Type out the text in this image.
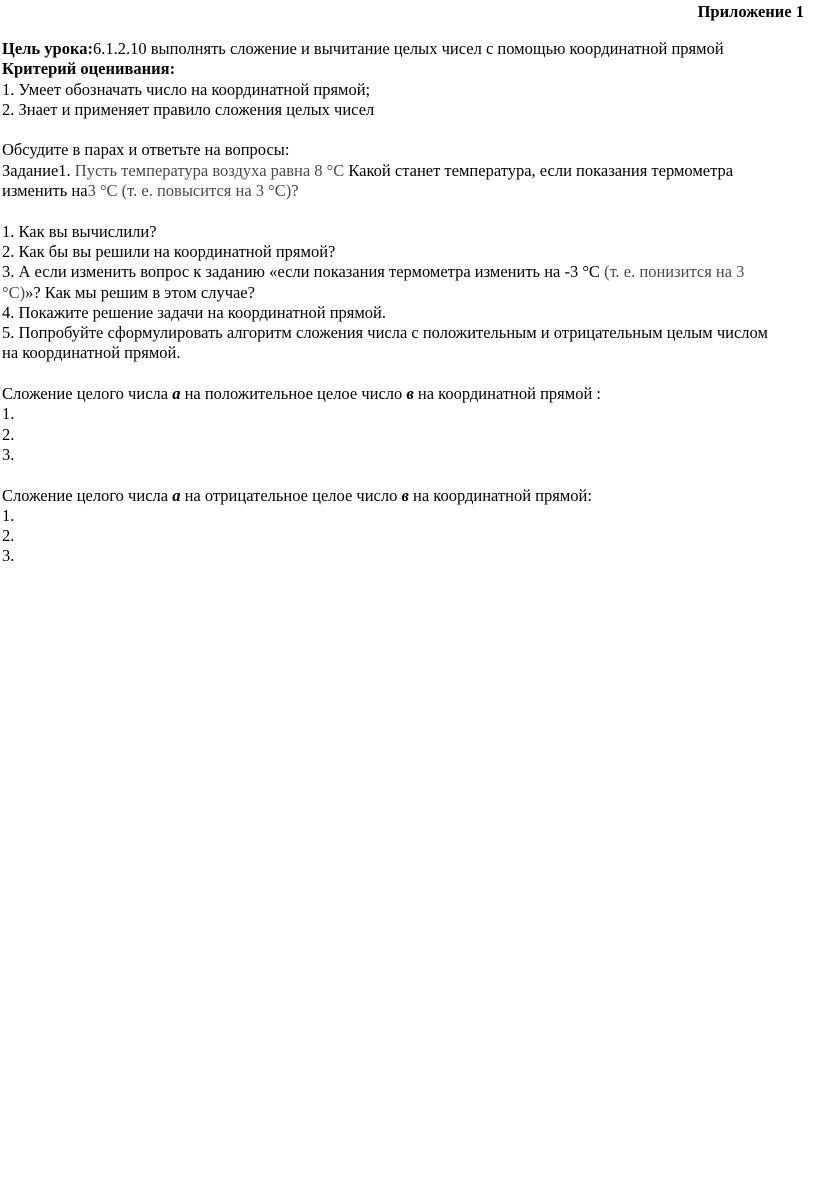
Приложение 1
Цель урока:6.1.2.10 выполнять сложение и вычитание целых чисел с помощью координатной прямой
Критерий оценивания:
1. Умеет обозначать число на координатной прямой;
2. Знает и применяет правило сложения целых чисел
Обсудите в парах и ответьте на вопросы:
Задание1. Пусть температура воздуха равна 8 °С Какой станет температура, если показания термометра
изменить на3 °С (т. е. повысится на 3 °С)?
1. Как вы вычислили?
2. Как бы вы решили на координатной прямой?
3. А если изменить вопрос к заданию «если показания термометра изменить на -3 °С (т. е. понизится на 3
°С)»? Как мы решим в этом случае?
4. Покажите решение задачи на координатной прямой.
5. Попробуйте сформулировать алгоритм сложения числа с положительным и отрицательным целым числом
на координатной прямой.
Сложение целого числа а на положительное целое число в на координатной прямой :
1.
2.
3.
Сложение целого числа а на отрицательное целое число в на координатной прямой:
1.
2.
3.
